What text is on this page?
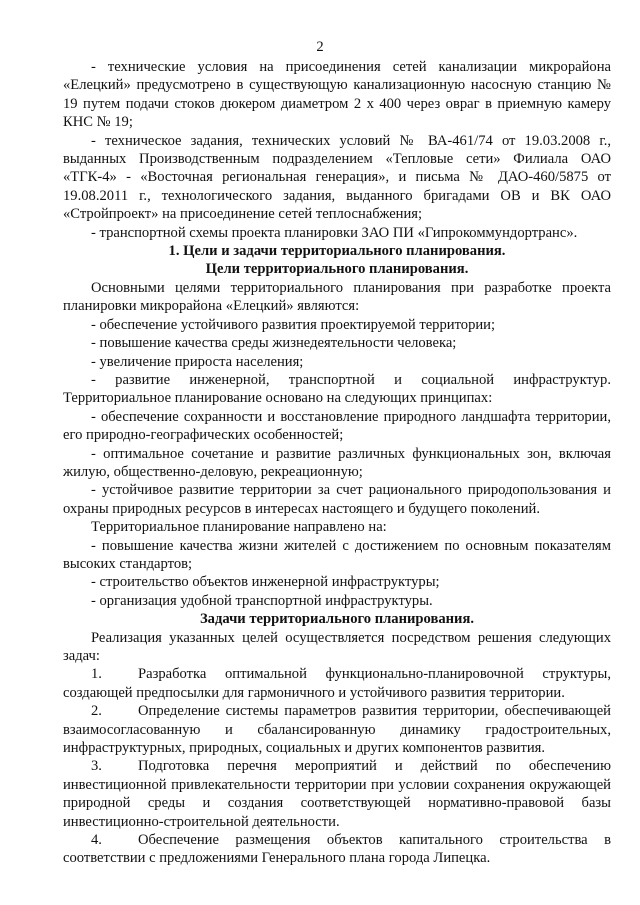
2

- технические условия на присоединения сетей канализации микрорайона «Елецкий» предусмотрено в существующую канализационную насосную станцию № 19 путем подачи стоков дюкером диаметром 2 х 400 через овраг в приемную камеру КНС № 19;

- техническое задания, технических условий № ВА-461/74 от 19.03.2008 г., выданных Производственным подразделением «Тепловые сети» Филиала ОАО «ТГК-4» - «Восточная региональная генерация», и письма № ДАО-460/5875 от 19.08.2011 г., технологического задания, выданного бригадами ОВ и ВК ОАО «Стройпроект» на присоединение сетей теплоснабжения;

- транспортной схемы проекта планировки ЗАО ПИ «Гипрокоммундортранс».

1. Цели и задачи территориального планирования.

Цели территориального планирования.

Основными целями территориального планирования при разработке проекта планировки микрорайона «Елецкий» являются:

- обеспечение устойчивого развития проектируемой территории;

- повышение качества среды жизнедеятельности человека;

- увеличение прироста населения;

- развитие инженерной, транспортной и социальной инфраструктур.

Территориальное планирование основано на следующих принципах:

- обеспечение сохранности и восстановление природного ландшафта территории, его природно-географических особенностей;

- оптимальное сочетание и развитие различных функциональных зон, включая жилую, общественно-деловую, рекреационную;

- устойчивое развитие территории за счет рационального природопользования и охраны природных ресурсов в интересах настоящего и будущего поколений.

Территориальное планирование направлено на:

- повышение качества жизни жителей с достижением по основным показателям высоких стандартов;

- строительство объектов инженерной инфраструктуры;

- организация удобной транспортной инфраструктуры.

Задачи территориального планирования.

Реализация указанных целей осуществляется посредством решения следующих задач:

1. Разработка оптимальной функционально-планировочной структуры, создающей предпосылки для гармоничного и устойчивого развития территории.

2. Определение системы параметров развития территории, обеспечивающей взаимосогласованную и сбалансированную динамику градостроительных, инфраструктурных, природных, социальных и других компонентов развития.

3. Подготовка перечня мероприятий и действий по обеспечению инвестиционной привлекательности территории при условии сохранения окружающей природной среды и создания соответствующей нормативно-правовой базы инвестиционно-строительной деятельности.

4. Обеспечение размещения объектов капитального строительства в соответствии с предложениями Генерального плана города Липецка.
